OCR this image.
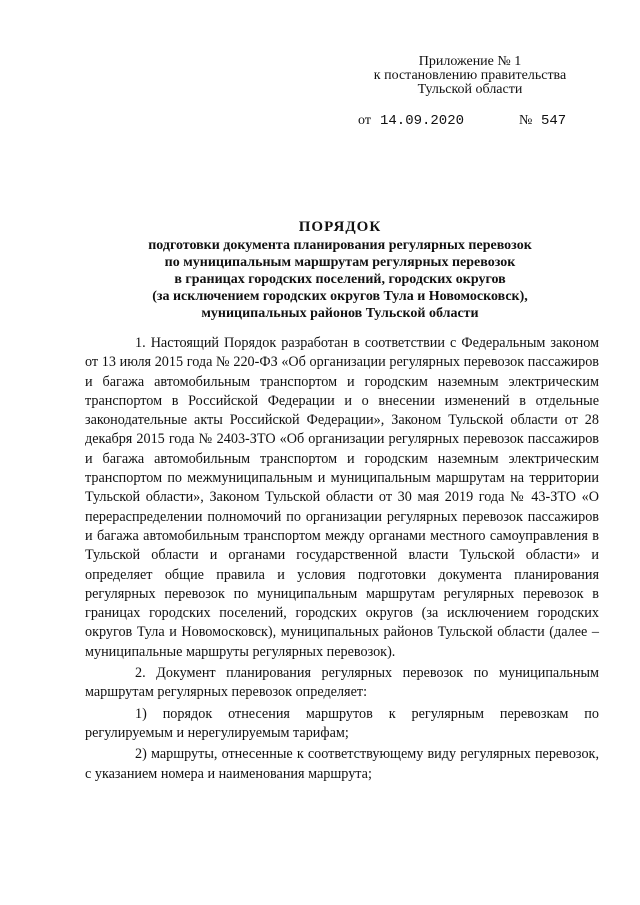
Приложение № 1
к постановлению правительства
Тульской области
от 14.09.2020	№ 547
ПОРЯДОК
подготовки документа планирования регулярных перевозок
по муниципальным маршрутам регулярных перевозок
в границах городских поселений, городских округов
(за исключением городских округов Тула и Новомосковск),
муниципальных районов Тульской области

1. Настоящий Порядок разработан в соответствии с Федеральным законом от 13 июля 2015 года № 220-ФЗ «Об организации регулярных перевозок пассажиров и багажа автомобильным транспортом и городским наземным электрическим транспортом в Российской Федерации и о внесении изменений в отдельные законодательные акты Российской Федерации», Законом Тульской области от 28 декабря 2015 года № 2403-ЗТО «Об организации регулярных перевозок пассажиров и багажа автомобильным транспортом и городским наземным электрическим транспортом по межмуниципальным и муниципальным маршрутам на территории Тульской области», Законом Тульской области от 30 мая 2019 года № 43-ЗТО «О перераспределении полномочий по организации регулярных перевозок пассажиров и багажа автомобильным транспортом между органами местного самоуправления в Тульской области и органами государственной власти Тульской области» и определяет общие правила и условия подготовки документа планирования регулярных перевозок по муниципальным маршрутам регулярных перевозок в границах городских поселений, городских округов (за исключением городских округов Тула и Новомосковск), муниципальных районов Тульской области (далее – муниципальные маршруты регулярных перевозок).

2. Документ планирования регулярных перевозок по муниципальным маршрутам регулярных перевозок определяет:

1) порядок отнесения маршрутов к регулярным перевозкам по регулируемым и нерегулируемым тарифам;

2) маршруты, отнесенные к соответствующему виду регулярных перевозок, с указанием номера и наименования маршрута;
